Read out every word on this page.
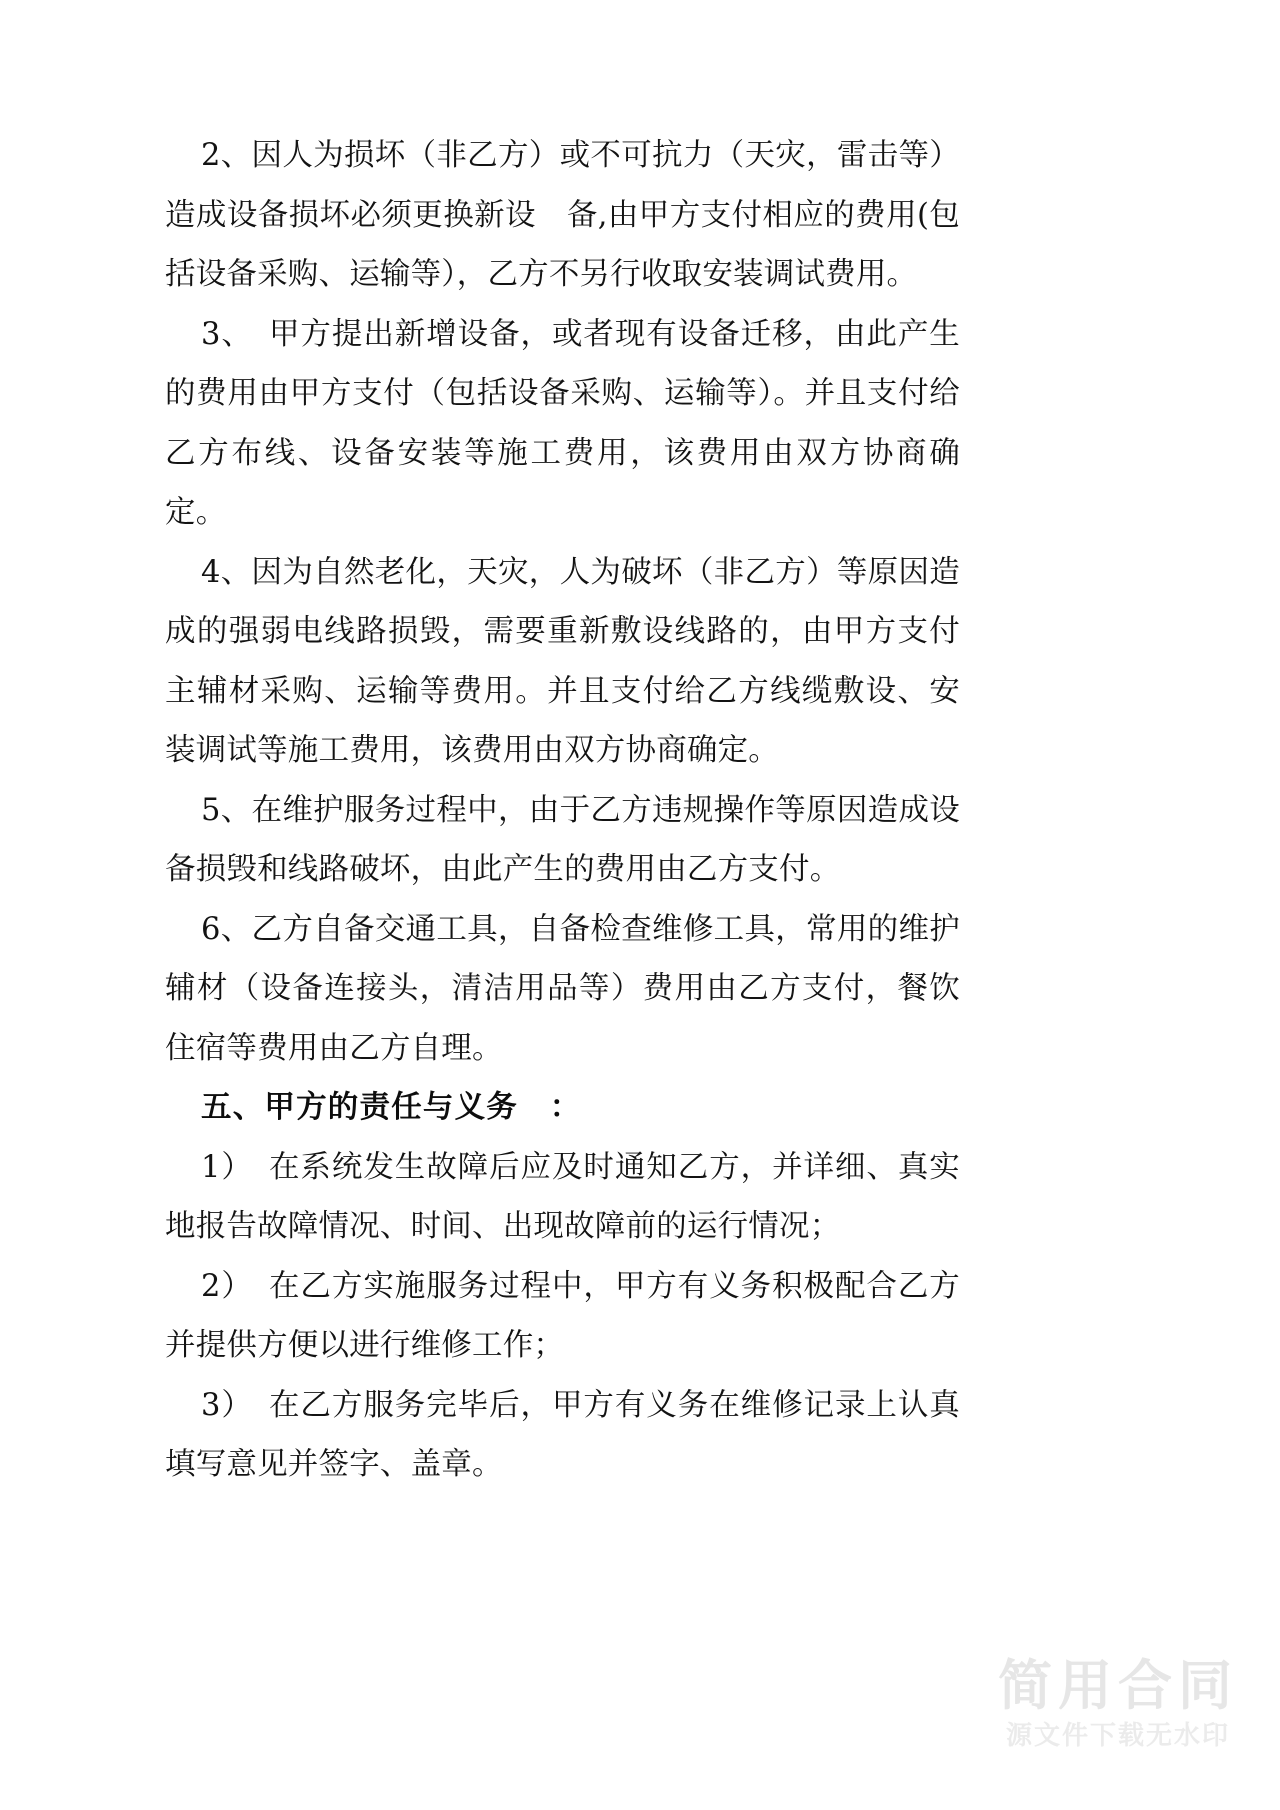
2、因人为损坏（非乙方）或不可抗力（天灾，雷击等）造成设备损坏必须更换新设　备,由甲方支付相应的费用(包括设备采购、运输等），乙方不另行收取安装调试费用。

3、　甲方提出新增设备，或者现有设备迁移，由此产生的费用由甲方支付（包括设备采购、运输等）。并且支付给乙方布线、设备安装等施工费用，该费用由双方协商确定。

4、因为自然老化，天灾，人为破坏（非乙方）等原因造成的强弱电线路损毁，需要重新敷设线路的，由甲方支付主辅材采购、运输等费用。并且支付给乙方线缆敷设、安装调试等施工费用，该费用由双方协商确定。

5、在维护服务过程中，由于乙方违规操作等原因造成设备损毁和线路破坏，由此产生的费用由乙方支付。

6、乙方自备交通工具，自备检查维修工具，常用的维护辅材（设备连接头，清洁用品等）费用由乙方支付，餐饮住宿等费用由乙方自理。

五、甲方的责任与义务　：

1）　在系统发生故障后应及时通知乙方，并详细、真实地报告故障情况、时间、出现故障前的运行情况；

2）　在乙方实施服务过程中，甲方有义务积极配合乙方并提供方便以进行维修工作；

3）　在乙方服务完毕后，甲方有义务在维修记录上认真填写意见并签字、盖章。

简用合同
源文件下载无水印
